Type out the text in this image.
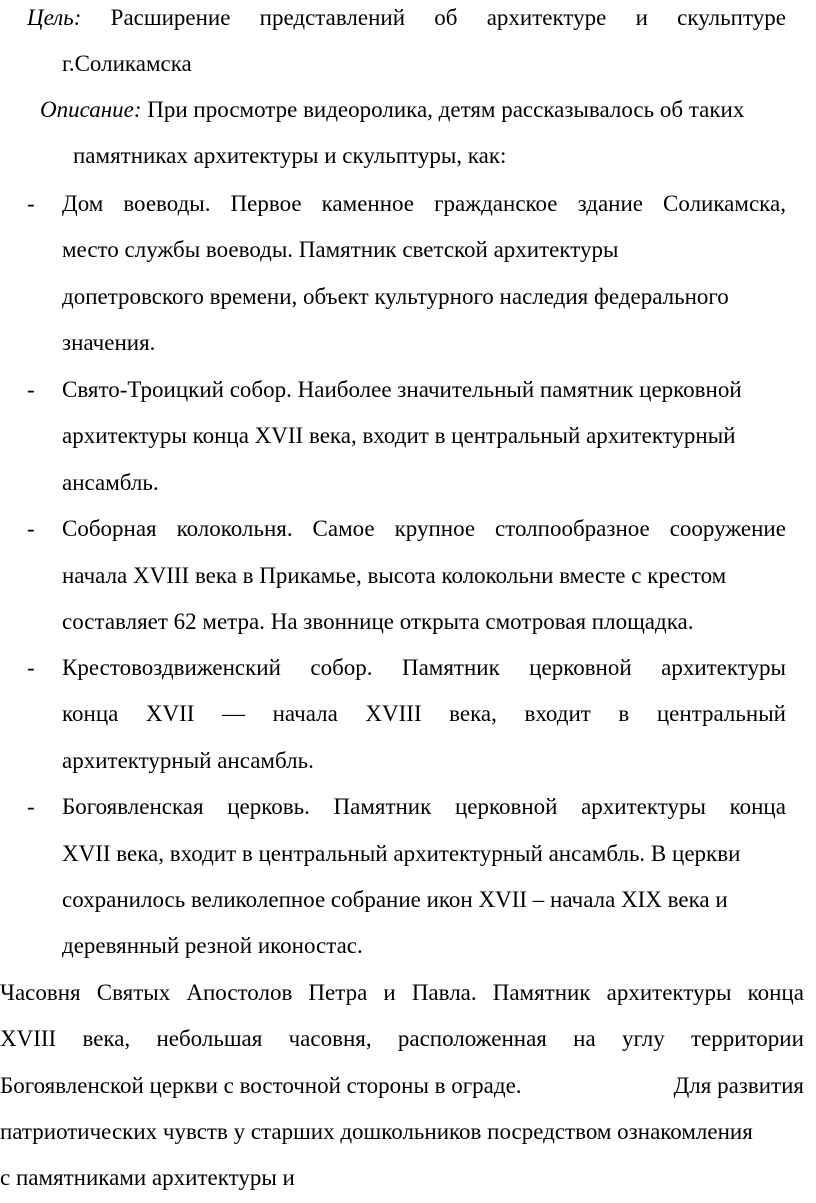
Цель: Расширение представлений об архитектуре и скульптуре
г.Соликамска
Описание: При просмотре видеоролика, детям рассказывалось об таких
памятниках архитектуры и скульптуры, как:
- Дом воеводы. Первое каменное гражданское здание Соликамска,
место службы воеводы. Памятник светской архитектуры
допетровского времени, объект культурного наследия федерального
значения.
- Свято-Троицкий собор. Наиболее значительный памятник церковной
архитектуры конца XVII века, входит в центральный архитектурный
ансамбль.
- Соборная колокольня. Самое крупное столпообразное сооружение
начала XVIII века в Прикамье, высота колокольни вместе с крестом
составляет 62 метра. На звоннице открыта смотровая площадка.
- Крестовоздвиженский собор. Памятник церковной архитектуры
конца XVII — начала XVIII века, входит в центральный
архитектурный ансамбль.
- Богоявленская церковь. Памятник церковной архитектуры конца
XVII века, входит в центральный архитектурный ансамбль. В церкви
сохранилось великолепное собрание икон XVII – начала XIX века и
деревянный резной иконостас.
Часовня Святых Апостолов Петра и Павла. Памятник архитектуры конца
XVIII века, небольшая часовня, расположенная на углу территории
Богоявленской церкви с восточной стороны в ограде.	Для развития
патриотических чувств у старших дошкольников посредством ознакомления
с памятниками архитектуры и
